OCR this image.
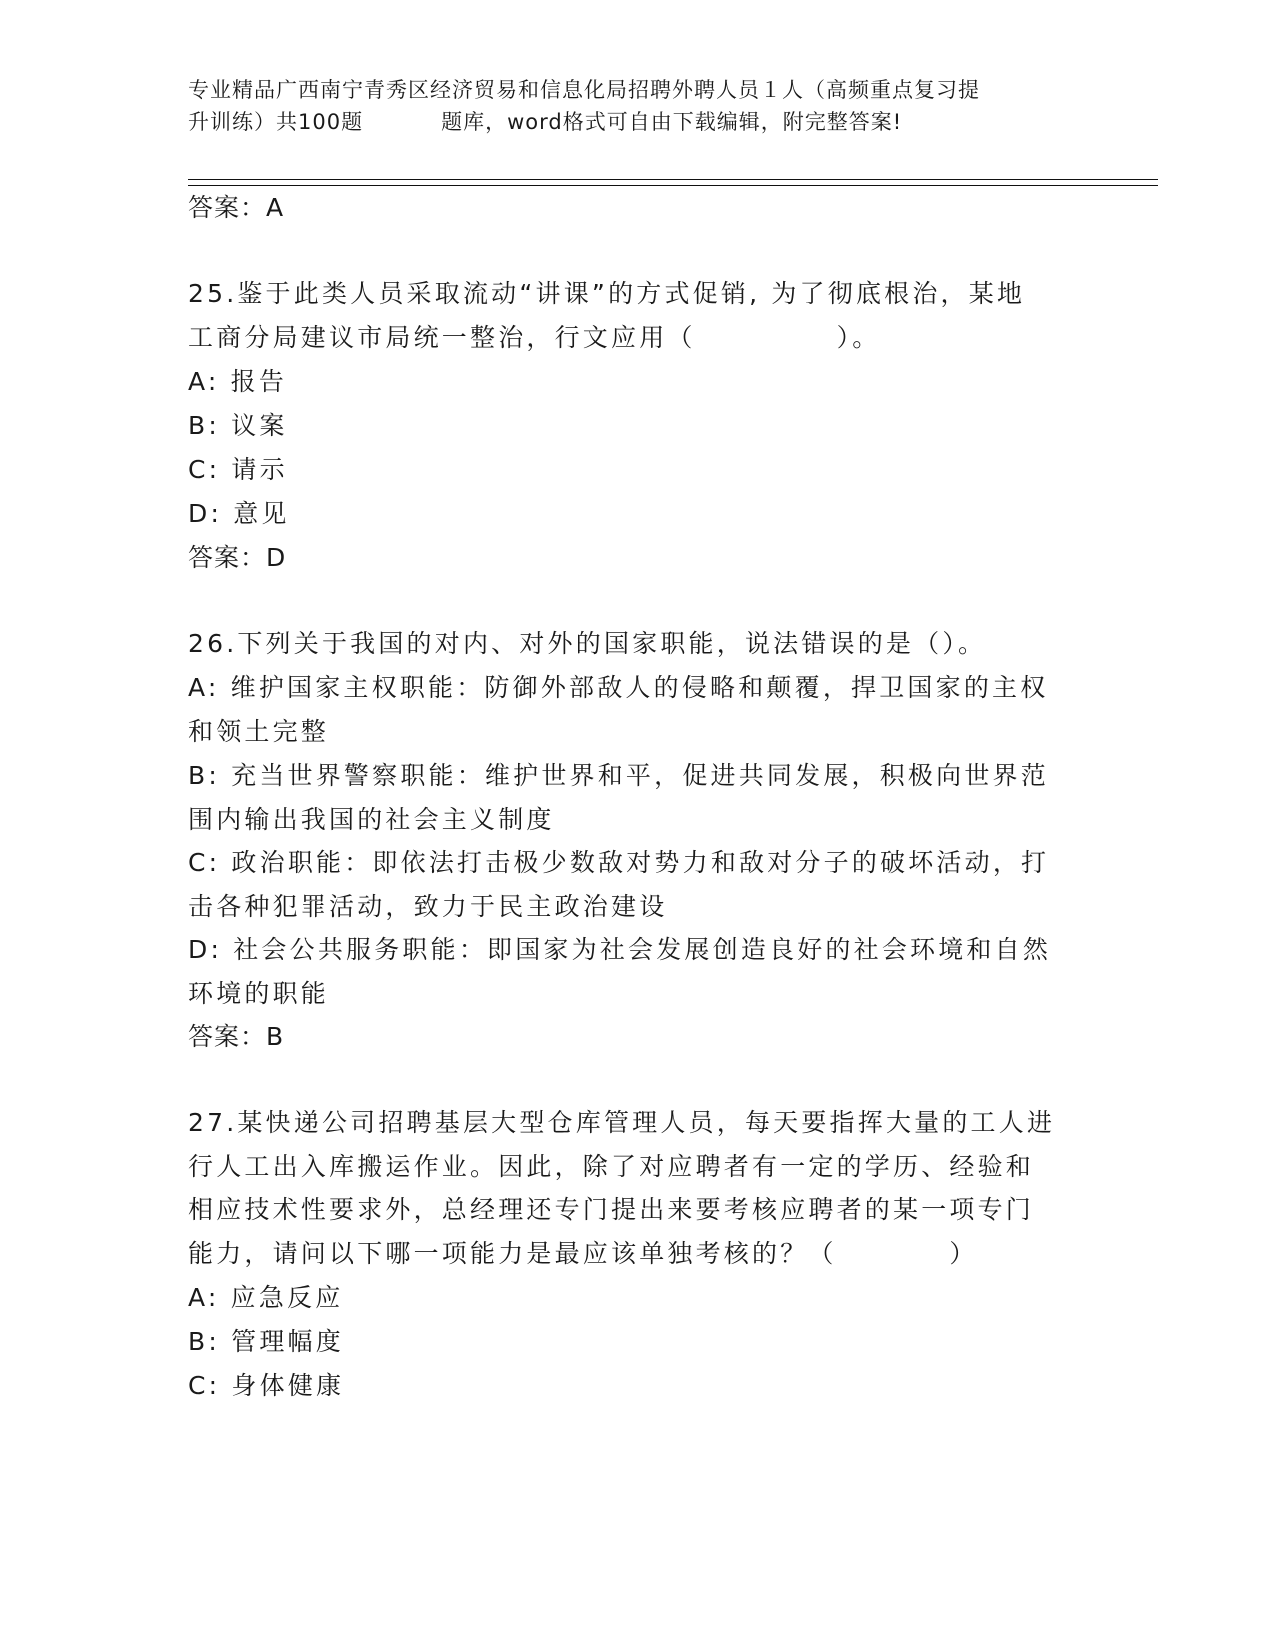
专业精品广西南宁青秀区经济贸易和信息化局招聘外聘人员１人（高频重点复习提
升训练）共100题	题库，word格式可自由下载编辑，附完整答案!
答案：A
25.鉴于此类人员采取流动“讲课”的方式促销, 为了彻底根治，某地
工商分局建议市局统一整治，行文应用（　　　　　）。
A: 报告
B: 议案
C: 请示
D: 意见
答案：D
26.下列关于我国的对内、对外的国家职能，说法错误的是（）。
A: 维护国家主权职能：防御外部敌人的侵略和颠覆，捍卫国家的主权
和领土完整
B: 充当世界警察职能：维护世界和平，促进共同发展，积极向世界范
围内输出我国的社会主义制度
C: 政治职能：即依法打击极少数敌对势力和敌对分子的破坏活动，打
击各种犯罪活动，致力于民主政治建设
D: 社会公共服务职能：即国家为社会发展创造良好的社会环境和自然
环境的职能
答案：B
27.某快递公司招聘基层大型仓库管理人员，每天要指挥大量的工人进
行人工出入库搬运作业。因此，除了对应聘者有一定的学历、经验和
相应技术性要求外，总经理还专门提出来要考核应聘者的某一项专门
能力，请问以下哪一项能力是最应该单独考核的？（　　　　）
A: 应急反应
B: 管理幅度
C: 身体健康
